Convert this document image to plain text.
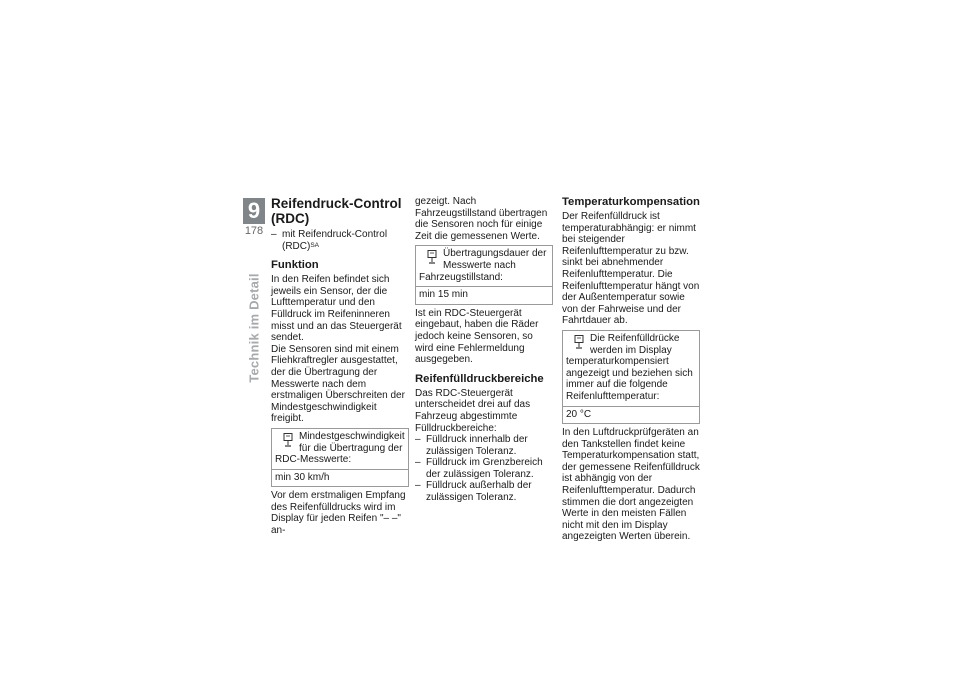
9
178
Technik im Detail
Reifendruck-Control (RDC)
– mit Reifendruck-Control (RDC)$^{SA}$
Funktion

In den Reifen befindet sich jeweils ein Sensor, der die Lufttemperatur und den Fülldruck im Reifeninneren misst und an das Steuergerät sendet.

Die Sensoren sind mit einem Fliehkraftregler ausgestattet, der die Übertragung der Messwerte nach dem erstmaligen Überschreiten der Mindestgeschwindigkeit freigibt.

Mindestgeschwindigkeit für die Übertragung der RDC-Messwerte:
min 30 km/h

Vor dem erstmaligen Empfang des Reifenfülldrucks wird im Display für jeden Reifen "– –" an-

gezeigt. Nach Fahrzeugstillstand übertragen die Sensoren noch für einige Zeit die gemessenen Werte.

Übertragungsdauer der Messwerte nach Fahrzeugstillstand:
min 15 min

Ist ein RDC-Steuergerät eingebaut, haben die Räder jedoch keine Sensoren, so wird eine Fehlermeldung ausgegeben.

Reifenfülldruckbereiche

Das RDC-Steuergerät unterscheidet drei auf das Fahrzeug abgestimmte Fülldruckbereiche:

– Fülldruck innerhalb der zulässigen Toleranz.
– Fülldruck im Grenzbereich der zulässigen Toleranz.
– Fülldruck außerhalb der zulässigen Toleranz.
Temperaturkompensation

Der Reifenfülldruck ist temperaturabhängig: er nimmt bei steigender Reifenlufttemperatur zu bzw. sinkt bei abnehmender Reifenlufttemperatur. Die Reifenlufttemperatur hängt von der Außentemperatur sowie von der Fahrweise und der Fahrtdauer ab.

Die Reifenfülldrücke werden im Display temperaturkompensiert angezeigt und beziehen sich immer auf die folgende Reifenlufttemperatur:
20 °C

In den Luftdruckprüfgeräten an den Tankstellen findet keine Temperaturkompensation statt, der gemessene Reifenfülldruck ist abhängig von der Reifenlufttemperatur. Dadurch stimmen die dort angezeigten Werte in den meisten Fällen nicht mit den im Display angezeigten Werten überein.
